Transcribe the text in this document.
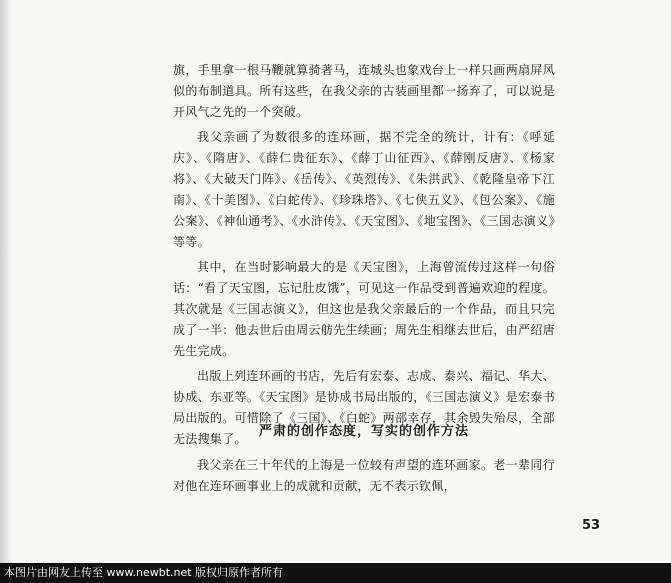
旗，手里拿一根马鞭就算骑著马，连城头也象戏台上一样只画两扇屏风似的布制道具。所有这些，在我父亲的古装画里都一扬弃了，可以说是开风气之先的一个突破。

我父亲画了为数很多的连环画，据不完全的统计，计有：《呼延庆》、《隋唐》、《薛仁贵征东》、《薛丁山征西》、《薛刚反唐》、《杨家将》、《大破天门阵》、《岳传》、《英烈传》、《朱洪武》、《乾隆皇帝下江南》、《十美图》、《白蛇传》、《珍珠塔》、《七侠五义》、《包公案》、《施公案》、《神仙通考》、《水浒传》、《天宝图》、《地宝图》、《三国志演义》等等。

其中，在当时影响最大的是《天宝图》，上海曾流传过这样一句俗话：“看了天宝图，忘记肚皮饿”，可见这一作品受到普遍欢迎的程度。其次就是《三国志演义》，但这也是我父亲最后的一个作品，而且只完成了一半：他去世后由周云舫先生续画；周先生相继去世后，由严绍唐先生完成。

出版上列连环画的书店，先后有宏泰、志成、泰兴、福记、华大、协成、东亚等。《天宝图》是协成书局出版的，《三国志演义》是宏泰书局出版的。可惜除了《三国》、《白蛇》两部幸存，其余毁失殆尽，全部无法搜集了。 严肃的创作态度，写实的创作方法

我父亲在三十年代的上海是一位较有声望的连环画家。老一辈同行对他在连环画事业上的成就和贡献，无不表示钦佩，

53
本图片由网友上传至 www.newbt.net 版权归原作者所有
